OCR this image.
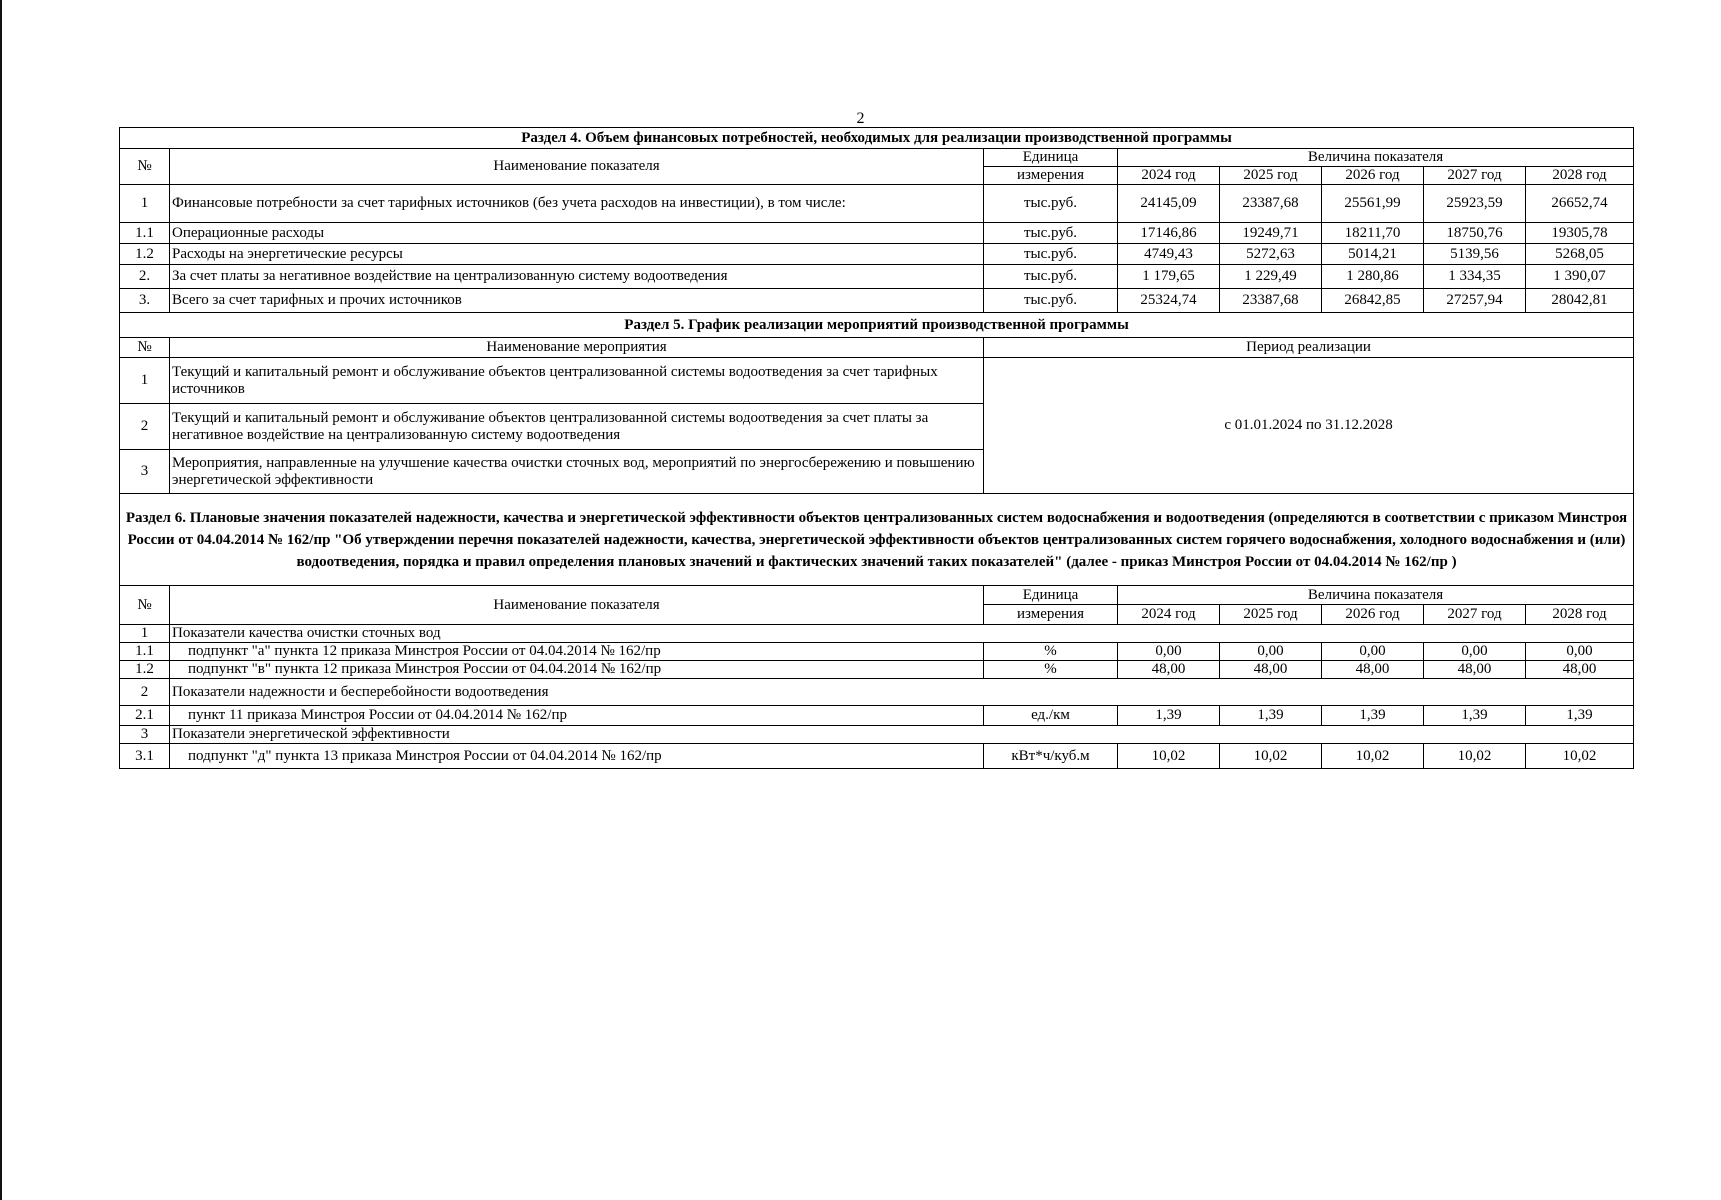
2
Раздел 4. Объем финансовых потребностей, необходимых для реализации производственной программы							
№	Наименование показателя	Единица	Величина показателя				
		измерения	2024 год	2025 год	2026 год	2027 год	2028 год
1	Финансовые потребности за счет тарифных источников (без учета расходов на инвестиции), в том числе:	тыс.руб.	24145,09	23387,68	25561,99	25923,59	26652,74
1.1	Операционные расходы	тыс.руб.	17146,86	19249,71	18211,70	18750,76	19305,78
1.2	Расходы на энергетические ресурсы	тыс.руб.	4749,43	5272,63	5014,21	5139,56	5268,05
2.	За счет платы за негативное воздействие на централизованную систему водоотведения	тыс.руб.	1 179,65	1 229,49	1 280,86	1 334,35	1 390,07
3.	Всего за счет тарифных и прочих источников	тыс.руб.	25324,74	23387,68	26842,85	27257,94	28042,81
Раздел 5. График реализации мероприятий производственной программы							
№	Наименование мероприятия	Период реализации					
1	Текущий и капитальный ремонт и обслуживание объектов централизованной системы водоотведения за счет тарифных источников	с 01.01.2024 по 31.12.2028					
2	Текущий и капитальный ремонт и обслуживание объектов централизованной системы водоотведения за счет платы за негативное воздействие на централизованную систему водоотведения						
3	Мероприятия, направленные на улучшение качества очистки сточных вод, мероприятий по энергосбережению и повышению энергетической эффективности						
Раздел 6. Плановые значения показателей надежности, качества и энергетической эффективности объектов централизованных систем водоснабжения и водоотведения (определяются в соответствии с приказом Минстроя России от 04.04.2014 № 162/пр "Об утверждении перечня показателей надежности, качества, энергетической эффективности объектов централизованных систем горячего водоснабжения, холодного водоснабжения и (или) водоотведения, порядка и правил определения плановых значений и фактических значений таких показателей" (далее - приказ Минстроя России от 04.04.2014 № 162/пр )							
№	Наименование показателя	Единица	Величина показателя				
		измерения	2024 год	2025 год	2026 год	2027 год	2028 год
1	Показатели качества очистки сточных вод						
1.1	подпункт "а" пункта 12 приказа Минстроя России от 04.04.2014 № 162/пр	%	0,00	0,00	0,00	0,00	0,00
1.2	подпункт "в" пункта 12 приказа Минстроя России от 04.04.2014 № 162/пр	%	48,00	48,00	48,00	48,00	48,00
2	Показатели надежности и бесперебойности водоотведения						
2.1	пункт 11 приказа Минстроя России от 04.04.2014 № 162/пр	ед./км	1,39	1,39	1,39	1,39	1,39
3	Показатели энергетической эффективности						
3.1	подпункт "д" пункта 13 приказа Минстроя России от 04.04.2014 № 162/пр	кВт*ч/куб.м	10,02	10,02	10,02	10,02	10,02
